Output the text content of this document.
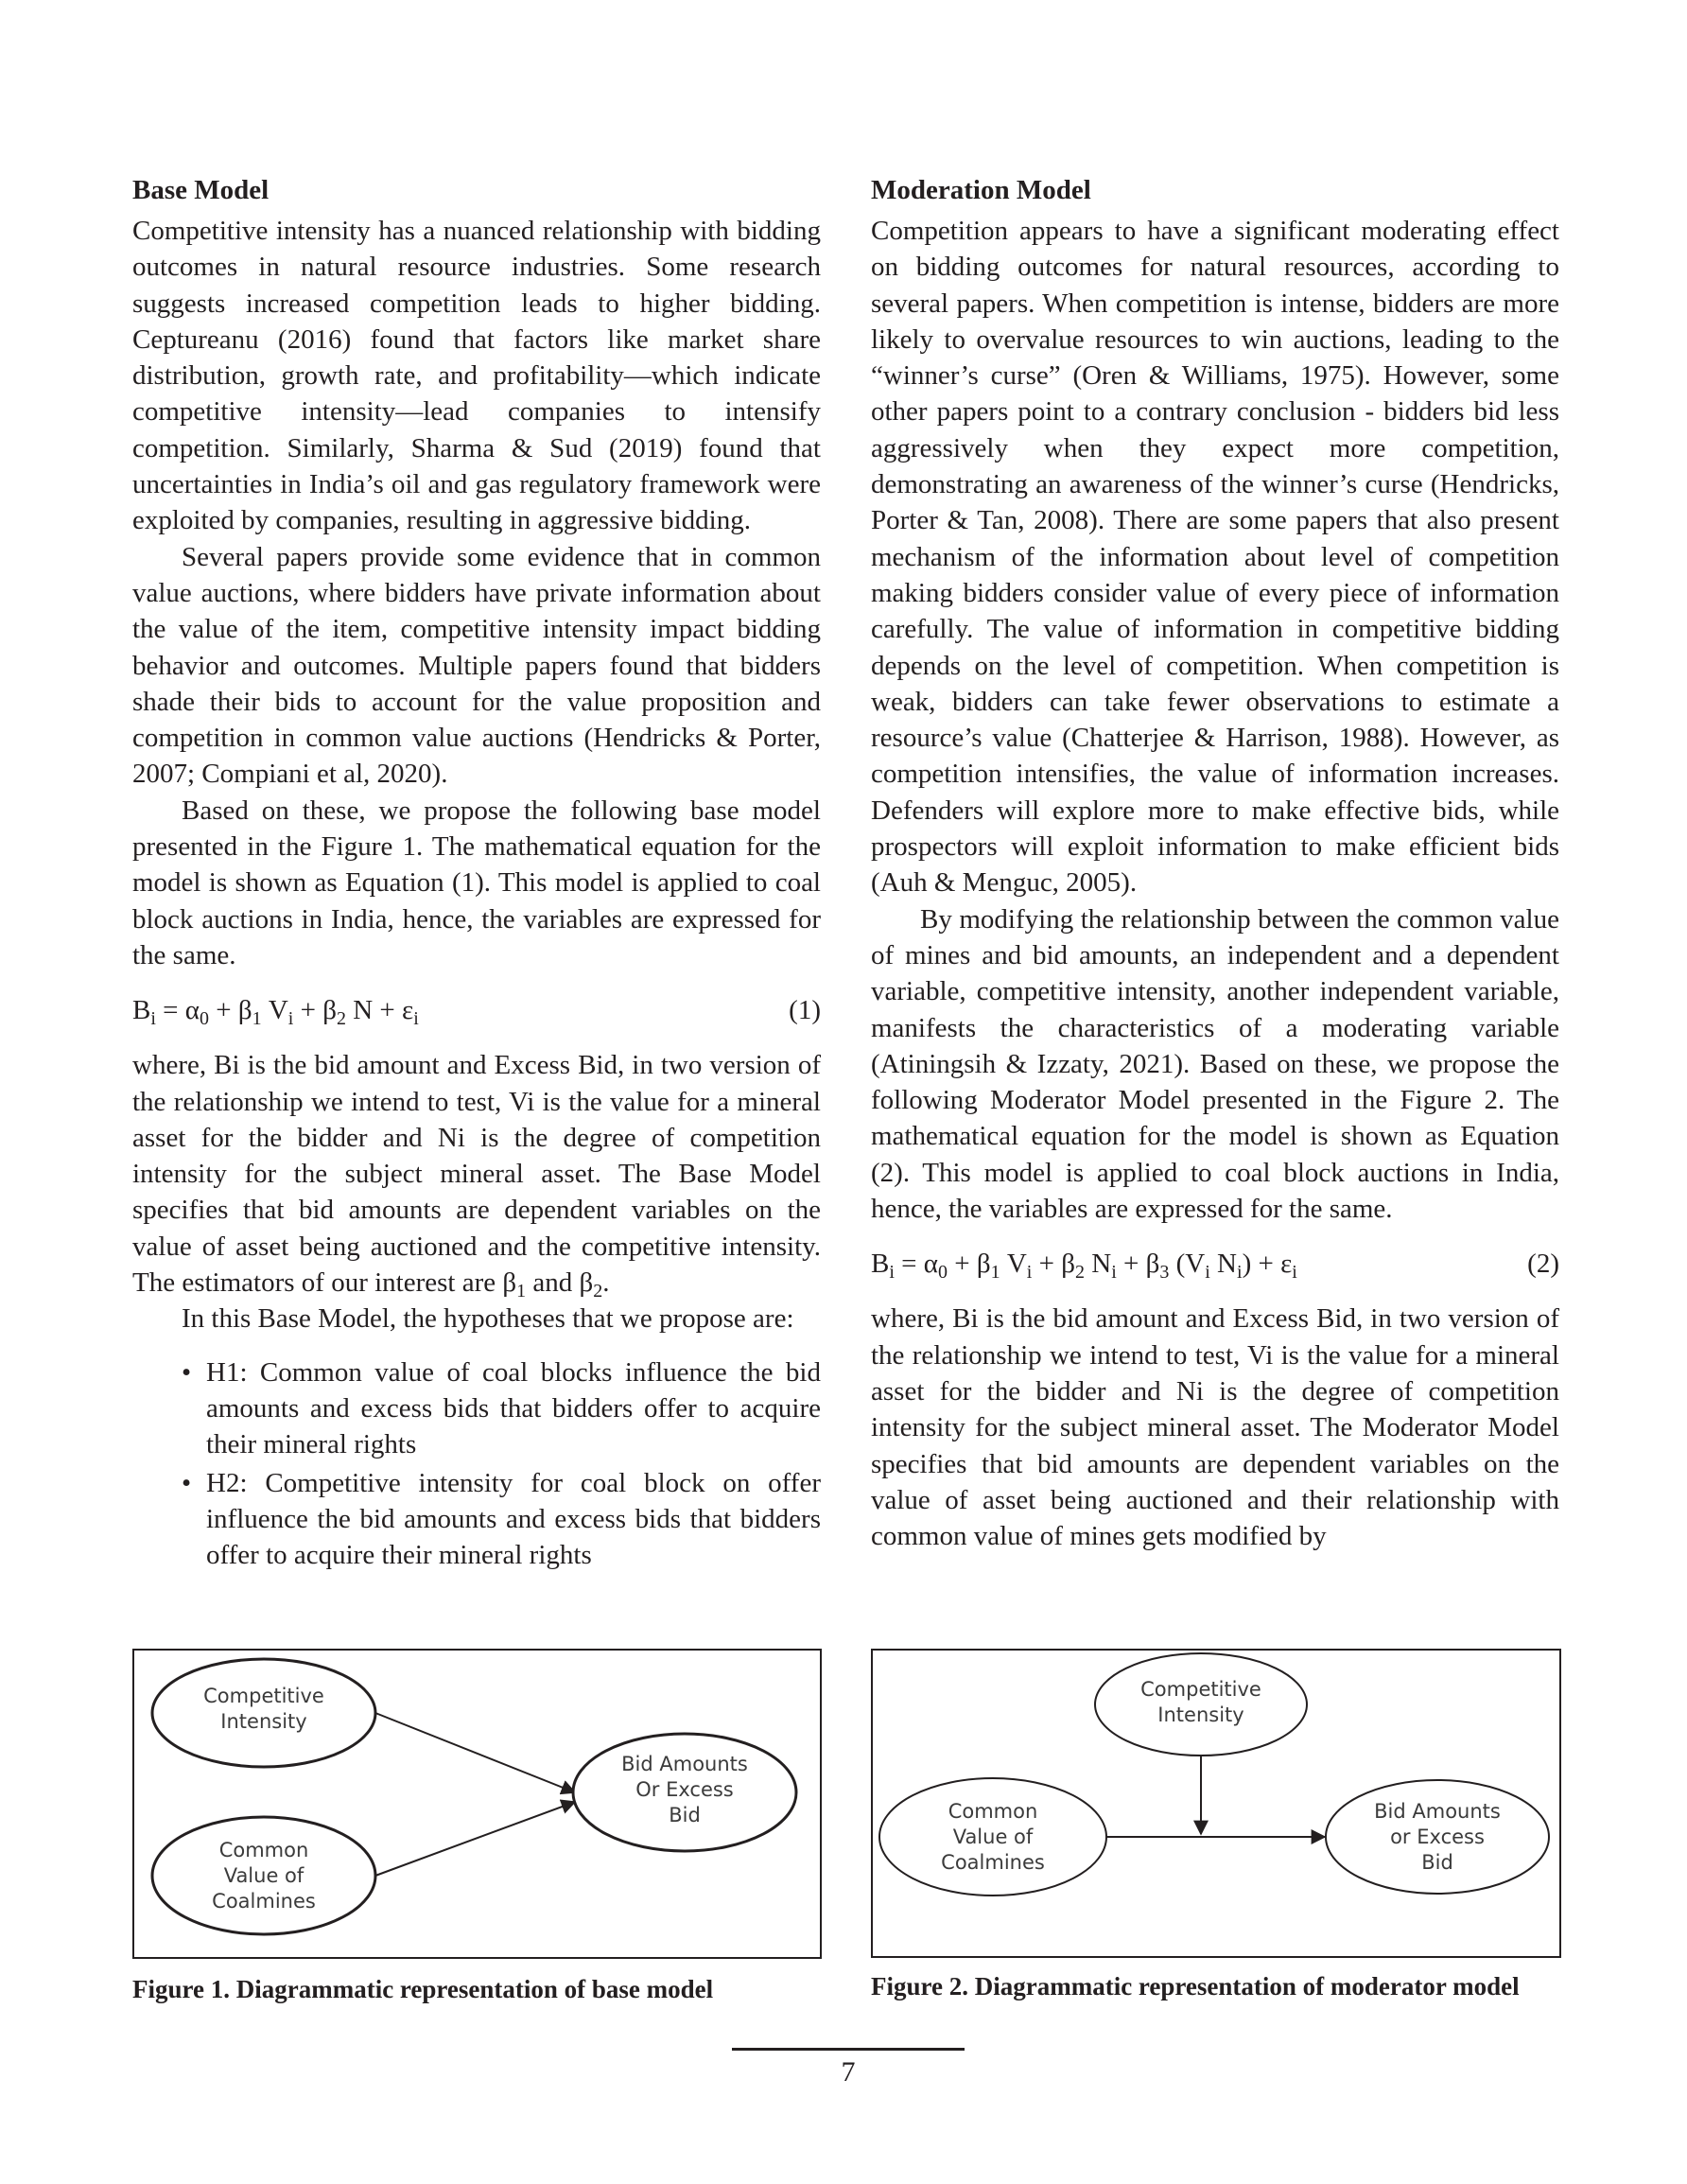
Base Model

Competitive intensity has a nuanced relationship with bidding outcomes in natural resource industries. Some research suggests increased competition leads to higher bidding. Ceptureanu (2016) found that factors like market share distribution, growth rate, and profitability—which indicate competitive intensity—lead companies to intensify competition. Similarly, Sharma & Sud (2019) found that uncertainties in India’s oil and gas regulatory framework were exploited by companies, resulting in aggressive bidding.

Several papers provide some evidence that in common value auctions, where bidders have private information about the value of the item, competitive intensity impact bidding behavior and outcomes. Multiple papers found that bidders shade their bids to account for the value proposition and competition in common value auctions (Hendricks & Porter, 2007; Compiani et al, 2020).

Based on these, we propose the following base model presented in the Figure 1. The mathematical equation for the model is shown as Equation (1). This model is applied to coal block auctions in India, hence, the variables are expressed for the same.

$B_i = \alpha_0 + \beta_1$ $V_i + \beta_2$ $N + \varepsilon_i$	(1)

where, Bi is the bid amount and Excess Bid, in two version of the relationship we intend to test, Vi is the value for a mineral asset for the bidder and Ni is the degree of competition intensity for the subject mineral asset. The Base Model specifies that bid amounts are dependent variables on the value of asset being auctioned and the competitive intensity. The estimators of our interest are $\beta_1$ and $\beta_2$.

In this Base Model, the hypotheses that we propose are:

• H1: Common value of coal blocks influence the bid amounts and excess bids that bidders offer to acquire their mineral rights
• H2: Competitive intensity for coal block on offer influence the bid amounts and excess bids that bidders offer to acquire their mineral rights
Moderation Model

Competition appears to have a significant moderating effect on bidding outcomes for natural resources, according to several papers. When competition is intense, bidders are more likely to overvalue resources to win auctions, leading to the “winner’s curse” (Oren & Williams, 1975). However, some other papers point to a contrary conclusion - bidders bid less aggressively when they expect more competition, demonstrating an awareness of the winner’s curse (Hendricks, Porter & Tan, 2008). There are some papers that also present mechanism of the information about level of competition making bidders consider value of every piece of information carefully. The value of information in competitive bidding depends on the level of competition. When competition is weak, bidders can take fewer observations to estimate a resource’s value (Chatterjee & Harrison, 1988). However, as competition intensifies, the value of information increases. Defenders will explore more to make effective bids, while prospectors will exploit information to make efficient bids (Auh & Menguc, 2005).

By modifying the relationship between the common value of mines and bid amounts, an independent and a dependent variable, competitive intensity, another independent variable, manifests the characteristics of a moderating variable (Atiningsih & Izzaty, 2021). Based on these, we propose the following Moderator Model presented in the Figure 2. The mathematical equation for the model is shown as Equation (2). This model is applied to coal block auctions in India, hence, the variables are expressed for the same.

$B_i = \alpha_0 + \beta_1$ $V_i + \beta_2$ $N_i + \beta_3$ ($V_i$ $N_i) + \varepsilon_i$	(2)

where, Bi is the bid amount and Excess Bid, in two version of the relationship we intend to test, Vi is the value for a mineral asset for the bidder and Ni is the degree of competition intensity for the subject mineral asset. The Moderator Model specifies that bid amounts are dependent variables on the value of asset being auctioned and their relationship with common value of mines gets modified by

Competitive
Intensity
Common
Value of
Coalmines
Bid Amounts
Or Excess
Bid
Figure 1. Diagrammatic representation of base model
Competitive
Intensity
Common
Value of
Coalmines
Bid Amounts
or Excess
Bid
Figure 2. Diagrammatic representation of moderator model
7
